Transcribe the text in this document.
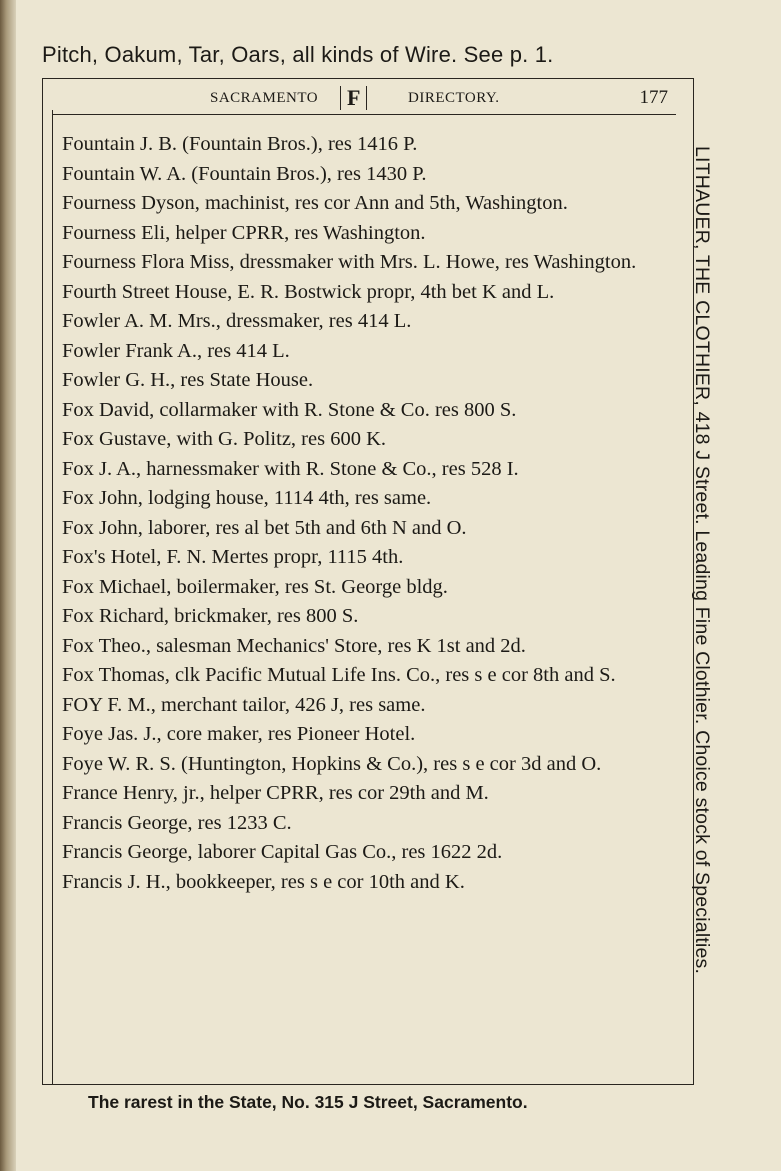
Pitch, Oakum, Tar, Oars, all kinds of Wire. See p. 1.
SACRAMENTO	F	DIRECTORY.	177
Fountain J. B. (Fountain Bros.), res 1416 P.
Fountain W. A. (Fountain Bros.), res 1430 P.
Fourness Dyson, machinist, res cor Ann and 5th, Washington.
Fourness Eli, helper CPRR, res Washington.
Fourness Flora Miss, dressmaker with Mrs. L. Howe, res Washington.
Fourth Street House, E. R. Bostwick propr, 4th bet K and L.
Fowler A. M. Mrs., dressmaker, res 414 L.
Fowler Frank A., res 414 L.
Fowler G. H., res State House.
Fox David, collarmaker with R. Stone & Co. res 800 S.
Fox Gustave, with G. Politz, res 600 K.
Fox J. A., harnessmaker with R. Stone & Co., res 528 I.
Fox John, lodging house, 1114 4th, res same.
Fox John, laborer, res al bet 5th and 6th N and O.
Fox's Hotel, F. N. Mertes propr, 1115 4th.
Fox Michael, boilermaker, res St. George bldg.
Fox Richard, brickmaker, res 800 S.
Fox Theo., salesman Mechanics' Store, res K 1st and 2d.
Fox Thomas, clk Pacific Mutual Life Ins. Co., res s e cor 8th and S.
FOY F. M., merchant tailor, 426 J, res same.
Foye Jas. J., core maker, res Pioneer Hotel.
Foye W. R. S. (Huntington, Hopkins & Co.), res s e cor 3d and O.
France Henry, jr., helper CPRR, res cor 29th and M.
Francis George, res 1233 C.
Francis George, laborer Capital Gas Co., res 1622 2d.
Francis J. H., bookkeeper, res s e cor 10th and K.	LITHAUER, THE CLOTHIER, 418 J Street. Leading Fine Clothier. Choice stock of Specialties.
The rarest in the State, No. 315 J Street, Sacramento.
